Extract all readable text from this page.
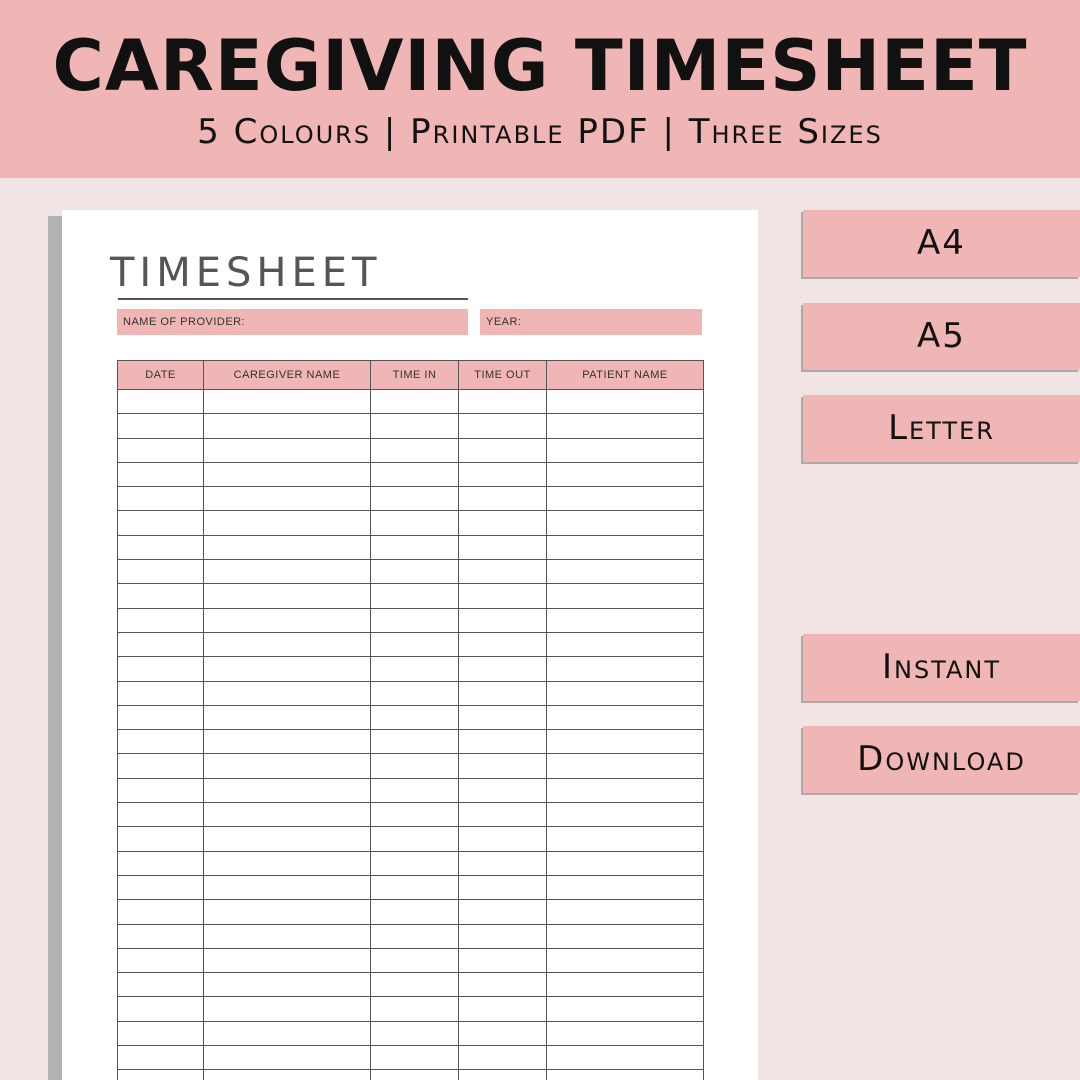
CAREGIVING TIMESHEET
5 Colours | Printable PDF | Three Sizes
TIMESHEET
NAME OF PROVIDER:	YEAR:
DATE	CAREGIVER NAME	TIME IN	TIME OUT	PATIENT NAME

A4
A5
Letter
Instant
Download
